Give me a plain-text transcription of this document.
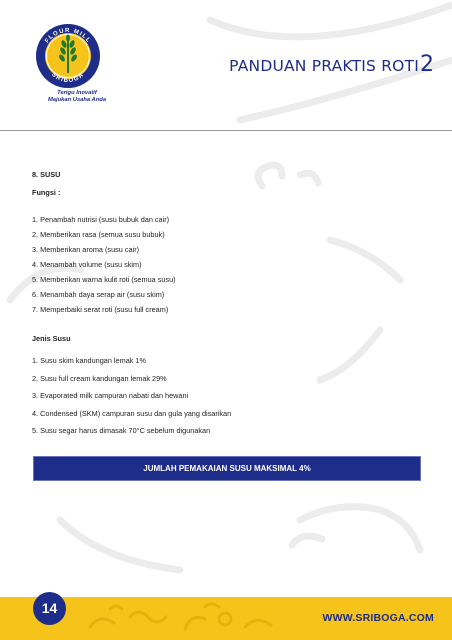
FLOUR MILL
SRIBOGA
Terigu Inovatif
Majukan Usaha Anda
PANDUAN PRAKTIS ROTI2
8. SUSU
Fungsi :
1. Penambah nutrisi (susu bubuk dan cair)
2. Memberikan rasa (semua susu bubuk)
3. Memberikan aroma (susu cair)
4. Menambah volume (susu skim)
5. Memberikan warna kulit roti (semua susu)
6. Menambah daya serap air (susu skim)
7. Memperbaiki serat roti (susu full cream)
Jenis Susu
1. Susu skim kandungan lemak 1%
2. Susu full cream kandungan lemak 29%
3. Evaporated milk campuran nabati dan hewani
4. Condensed (SKM) campuran susu dan gula yang disarikan
5. Susu segar harus dimasak 70°C sebelum digunakan
JUMLAH PEMAKAIAN SUSU MAKSIMAL 4%
14
WWW.SRIBOGA.COM
